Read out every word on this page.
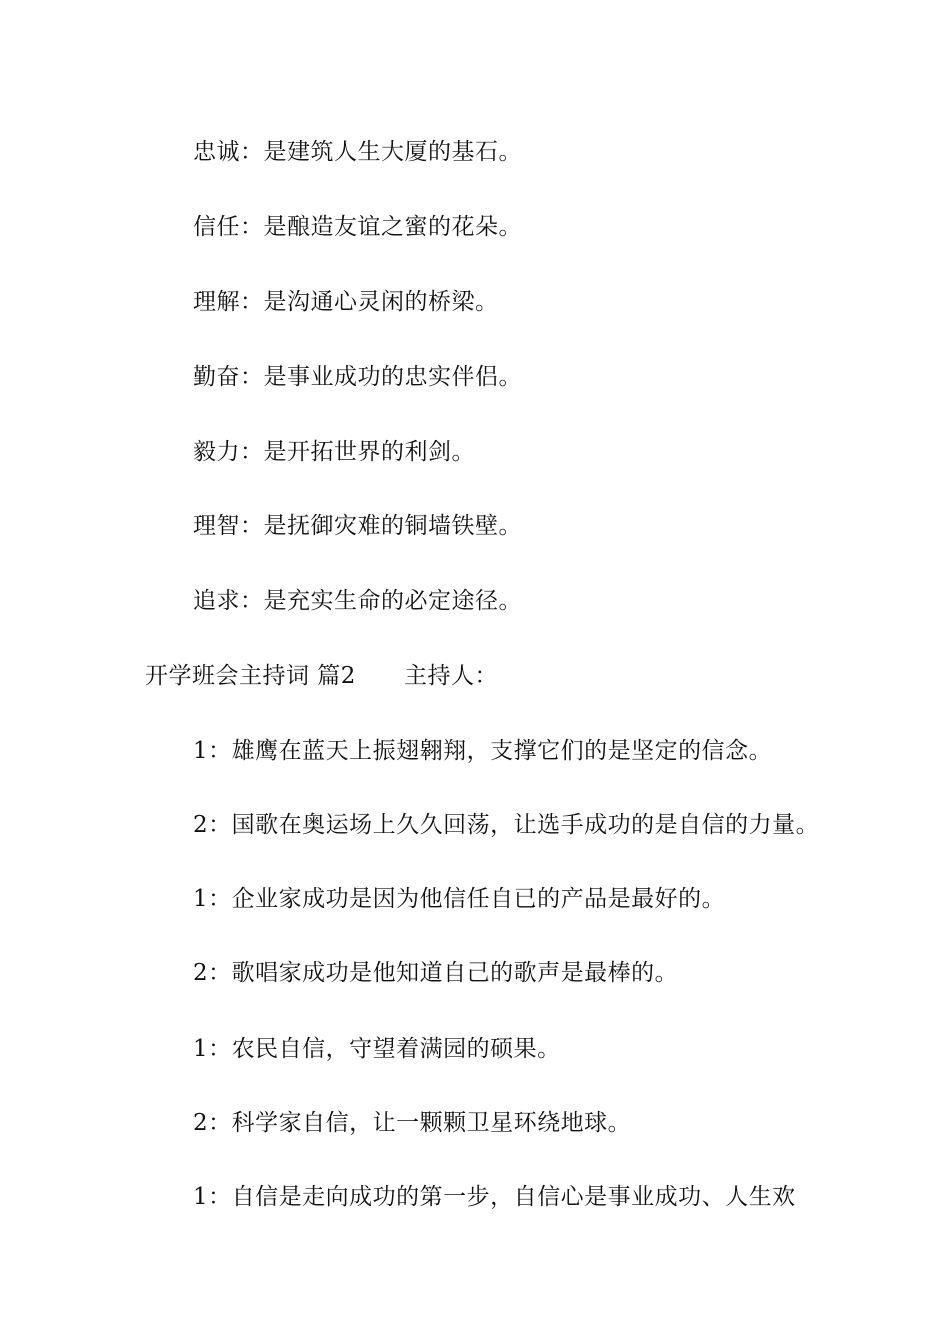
忠诚：是建筑人生大厦的基石。
信任：是酿造友谊之蜜的花朵。
理解：是沟通心灵闲的桥梁。
勤奋：是事业成功的忠实伴侣。
毅力：是开拓世界的利剑。
理智：是抚御灾难的铜墙铁壁。
追求：是充实生命的必定途径。
开学班会主持词 篇2 主持人：
1：雄鹰在蓝天上振翅翱翔，支撑它们的是坚定的信念。
2：国歌在奥运场上久久回荡，让选手成功的是自信的力量。
1：企业家成功是因为他信任自已的产品是最好的。
2：歌唱家成功是他知道自己的歌声是最棒的。
1：农民自信，守望着满园的硕果。
2：科学家自信，让一颗颗卫星环绕地球。
1：自信是走向成功的第一步，自信心是事业成功、人生欢
